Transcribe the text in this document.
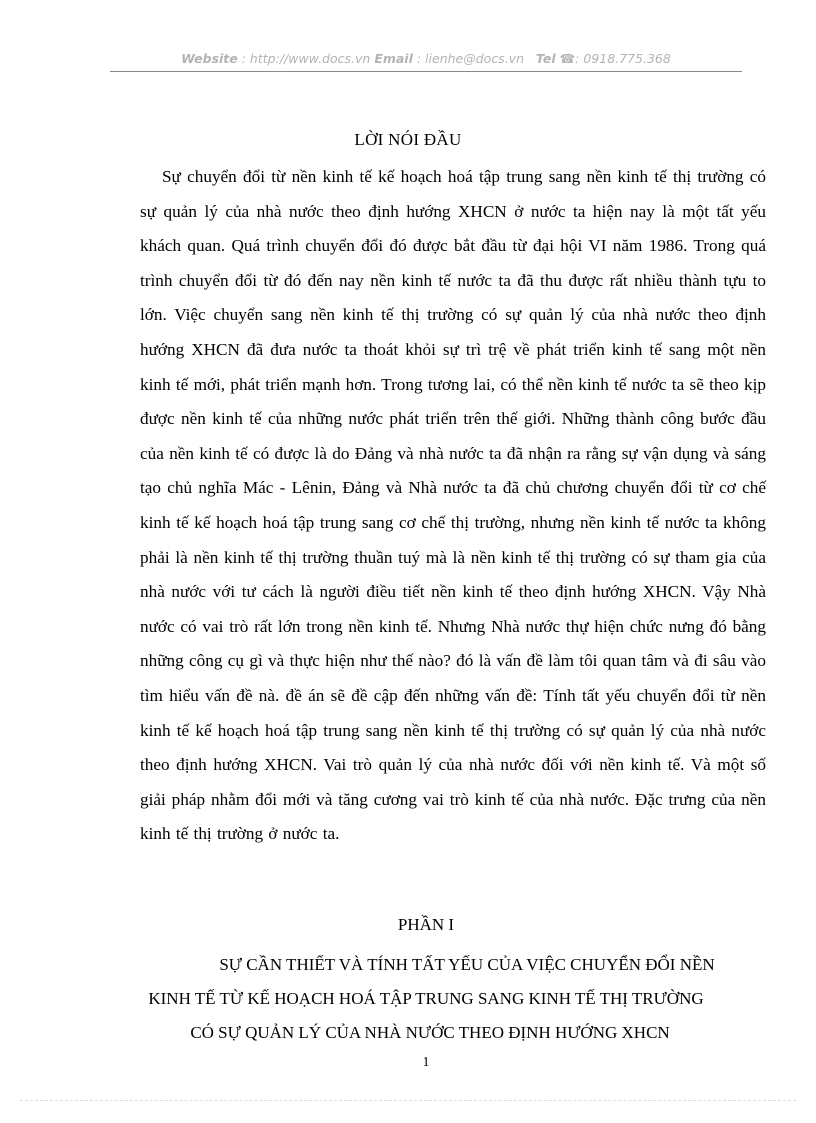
Website : http://www.docs.vn Email : lienhe@docs.vn Tel ☎: 0918.775.368
LỜI NÓI ĐẦU

Sự chuyển đổi từ nền kinh tế kế hoạch hoá tập trung sang nền kinh tế thị trường có sự quản lý của nhà nước theo định hướng XHCN ở nước ta hiện nay là một tất yếu khách quan. Quá trình chuyển đổi đó được bắt đầu từ đại hội VI năm 1986. Trong quá trình chuyển đổi từ đó đến nay nền kinh tế nước ta đã thu được rất nhiều thành tựu to lớn. Việc chuyển sang nền kinh tế thị trường có sự quản lý của nhà nước theo định hướng XHCN đã đưa nước ta thoát khỏi sự trì trệ về phát triển kinh tế sang một nền kinh tế mới, phát triển mạnh hơn. Trong tương lai, có thể nền kinh tế nước ta sẽ theo kịp được nền kinh tế của những nước phát triển trên thế giới. Những thành công bước đầu của nền kinh tế có được là do Đảng và nhà nước ta đã nhận ra rằng sự vận dụng và sáng tạo chủ nghĩa Mác - Lênin, Đảng và Nhà nước ta đã chủ chương chuyển đổi từ cơ chế kinh tế kế hoạch hoá tập trung sang cơ chế thị trường, nhưng nền kinh tế nước ta không phải là nền kinh tế thị trường thuần tuý mà là nền kinh tế thị trường có sự tham gia của nhà nước với tư cách là người điều tiết nền kinh tế theo định hướng XHCN. Vậy Nhà nước có vai trò rất lớn trong nền kinh tế. Nhưng Nhà nước thự hiện chức nưng đó bằng những công cụ gì và thực hiện như thế nào? đó là vấn đề làm tôi quan tâm và đi sâu vào tìm hiểu vấn đề nà. đề án sẽ đề cập đến những vấn đề: Tính tất yếu chuyển đổi từ nền kinh tế kế hoạch hoá tập trung sang nền kinh tế thị trường có sự quản lý của nhà nước theo định hướng XHCN. Vai trò quản lý của nhà nước đối với nền kinh tế. Và một số giải pháp nhằm đổi mới và tăng cương vai trò kinh tế của nhà nước. Đặc trưng của nền kinh tế thị trường ở nước ta.

PHẦN I
SỰ CẦN THIẾT VÀ TÍNH TẤT YẾU CỦA VIỆC CHUYỂN ĐỔI NỀN
KINH TẾ TỪ KẾ HOẠCH HOÁ TẬP TRUNG SANG KINH TẾ THỊ TRƯỜNG
CÓ SỰ QUẢN LÝ CỦA NHÀ NƯỚC THEO ĐỊNH HƯỚNG XHCN
1
